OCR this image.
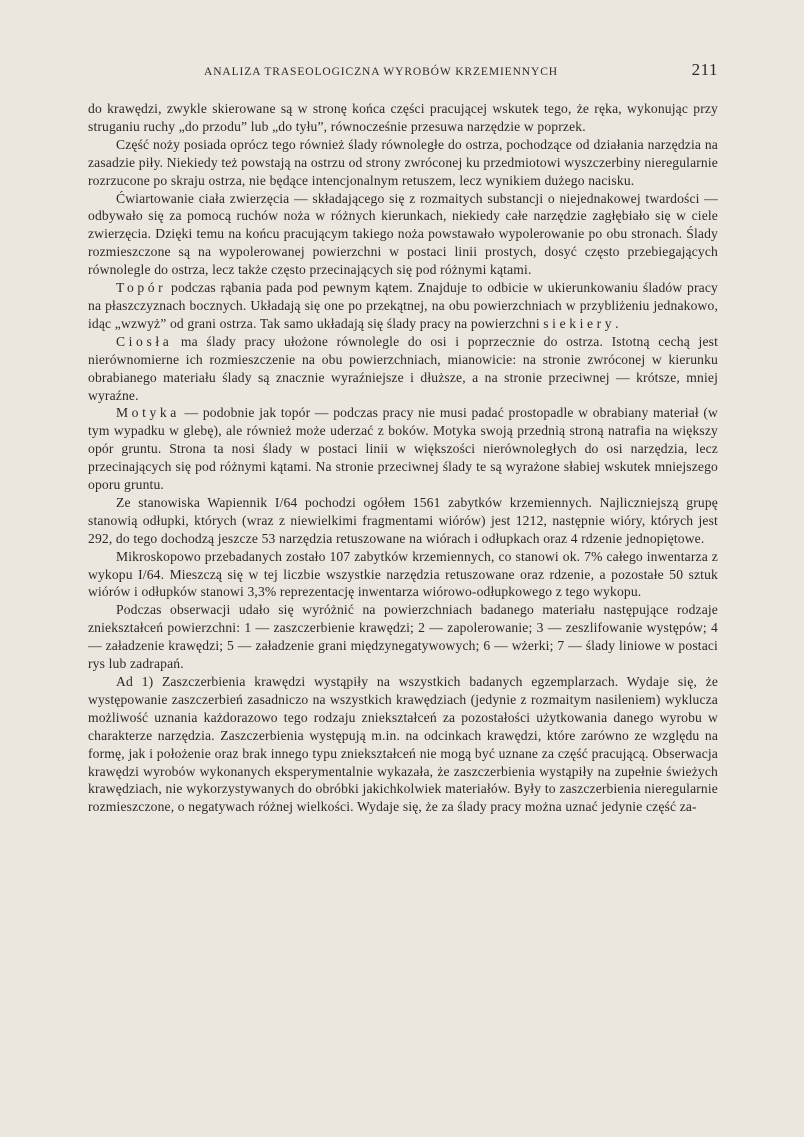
ANALIZA TRASEOLOGICZNA WYROBÓW KRZEMIENNYCH	211

do krawędzi, zwykle skierowane są w stronę końca części pracującej wskutek tego, że ręka, wykonując przy struganiu ruchy „do przodu” lub „do tyłu”, równocześnie przesuwa narzędzie w poprzek.

Część noży posiada oprócz tego również ślady równoległe do ostrza, pochodzące od działania narzędzia na zasadzie piły. Niekiedy też powstają na ostrzu od strony zwróconej ku przedmiotowi wyszczerbiny nieregularnie rozrzucone po skraju ostrza, nie będące intencjonalnym retuszem, lecz wynikiem dużego nacisku.

Ćwiartowanie ciała zwierzęcia — składającego się z rozmaitych substancji o niejednakowej twardości — odbywało się za pomocą ruchów noża w różnych kierunkach, niekiedy całe narzędzie zagłębiało się w ciele zwierzęcia. Dzięki temu na końcu pracującym takiego noża powstawało wypolerowanie po obu stronach. Ślady rozmieszczone są na wypolerowanej powierzchni w postaci linii prostych, dosyć często przebiegających równolegle do ostrza, lecz także często przecinających się pod różnymi kątami.

Topór podczas rąbania pada pod pewnym kątem. Znajduje to odbicie w ukierunkowaniu śladów pracy na płaszczyznach bocznych. Układają się one po przekątnej, na obu powierzchniach w przybliżeniu jednakowo, idąc „wzwyż” od grani ostrza. Tak samo układają się ślady pracy na powierzchni siekiery.

Ciosła ma ślady pracy ułożone równolegle do osi i poprzecznie do ostrza. Istotną cechą jest nierównomierne ich rozmieszczenie na obu powierzchniach, mianowicie: na stronie zwróconej w kierunku obrabianego materiału ślady są znacznie wyraźniejsze i dłuższe, a na stronie przeciwnej — krótsze, mniej wyraźne.

Motyka — podobnie jak topór — podczas pracy nie musi padać prostopadle w obrabiany materiał (w tym wypadku w glebę), ale również może uderzać z boków. Motyka swoją przednią stroną natrafia na większy opór gruntu. Strona ta nosi ślady w postaci linii w większości nierównoległych do osi narzędzia, lecz przecinających się pod różnymi kątami. Na stronie przeciwnej ślady te są wyrażone słabiej wskutek mniejszego oporu gruntu.

Ze stanowiska Wapiennik I/64 pochodzi ogółem 1561 zabytków krzemiennych. Najliczniejszą grupę stanowią odłupki, których (wraz z niewielkimi fragmentami wiórów) jest 1212, następnie wióry, których jest 292, do tego dochodzą jeszcze 53 narzędzia retuszowane na wiórach i odłupkach oraz 4 rdzenie jednopiętowe.

Mikroskopowo przebadanych zostało 107 zabytków krzemiennych, co stanowi ok. 7% całego inwentarza z wykopu I/64. Mieszczą się w tej liczbie wszystkie narzędzia retuszowane oraz rdzenie, a pozostałe 50 sztuk wiórów i odłupków stanowi 3,3% reprezentację inwentarza wiórowo-odłupkowego z tego wykopu.

Podczas obserwacji udało się wyróżnić na powierzchniach badanego materiału następujące rodzaje zniekształceń powierzchni: 1 — zaszczerbienie krawędzi; 2 — zapolerowanie; 3 — zeszlifowanie występów; 4 — załadzenie krawędzi; 5 — załadzenie grani międzynegatywowych; 6 — wżerki; 7 — ślady liniowe w postaci rys lub zadrapań.

Ad 1) Zaszczerbienia krawędzi wystąpiły na wszystkich badanych egzemplarzach. Wydaje się, że występowanie zaszczerbień zasadniczo na wszystkich krawędziach (jedynie z rozmaitym nasileniem) wyklucza możliwość uznania każdorazowo tego rodzaju zniekształceń za pozostałości użytkowania danego wyrobu w charakterze narzędzia. Zaszczerbienia występują m.in. na odcinkach krawędzi, które zarówno ze względu na formę, jak i położenie oraz brak innego typu zniekształceń nie mogą być uznane za część pracującą. Obserwacja krawędzi wyrobów wykonanych eksperymentalnie wykazała, że zaszczerbienia wystąpiły na zupełnie świeżych krawędziach, nie wykorzystywanych do obróbki jakichkolwiek materiałów. Były to zaszczerbienia nieregularnie rozmieszczone, o negatywach różnej wielkości. Wydaje się, że za ślady pracy można uznać jedynie część za-
